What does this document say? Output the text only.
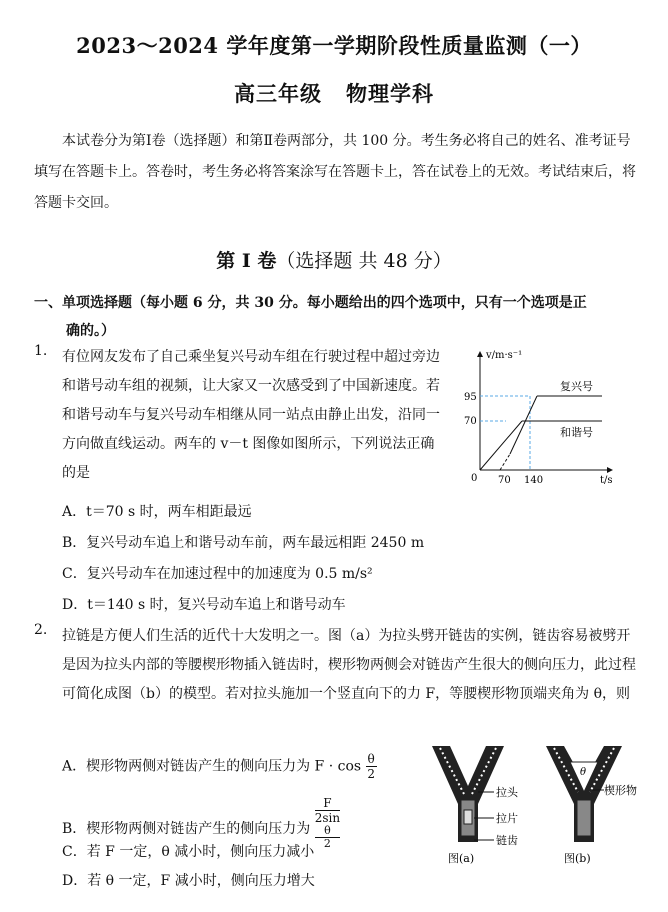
2023～2024 学年度第一学期阶段性质量监测（一）
高三年级 物理学科
本试卷分为第Ⅰ卷（选择题）和第Ⅱ卷两部分，共 100 分。考生务必将自己的姓名、准考证号填写在答题卡上。答卷时，考生务必将答案涂写在答题卡上，答在试卷上的无效。考试结束后，将答题卡交回。
第 Ⅰ 卷（选择题 共 48 分）
一、单项选择题（每小题 6 分，共 30 分。每小题给出的四个选项中，只有一个选项是正
确的。）
1. 有位网友发布了自己乘坐复兴号动车组在行驶过程中超过旁边和谐号动车组的视频，让大家又一次感受到了中国新速度。若和谐号动车与复兴号动车相继从同一站点由静止出发，沿同一方向做直线运动。两车的 v－t 图像如图所示，下列说法正确的是
v/m·s⁻¹
t/s
0
95
70
70 140
复兴号
和谐号
A．t＝70 s 时，两车相距最远
B．复兴号动车追上和谐号动车前，两车最远相距 2450 m
C．复兴号动车在加速过程中的加速度为 0.5 m/s²
D．t＝140 s 时，复兴号动车追上和谐号动车
2. 拉链是方便人们生活的近代十大发明之一。图（a）为拉头劈开链齿的实例，链齿容易被劈开是因为拉头内部的等腰楔形物插入链齿时，楔形物两侧会对链齿产生很大的侧向压力，此过程可简化成图（b）的模型。若对拉头施加一个竖直向下的力 F，等腰楔形物顶端夹角为 θ，则
A．楔形物两侧对链齿产生的侧向压力为 $F \cdot \cos \frac{\theta}{2}$
B．楔形物两侧对链齿产生的侧向压力为 F
2sin
θ
2
C．若 F 一定，θ 减小时，侧向压力减小
D．若 θ 一定，F 减小时，侧向压力增大
拉头
拉片
链齿
图(a)
θ
楔形物
图(b)
